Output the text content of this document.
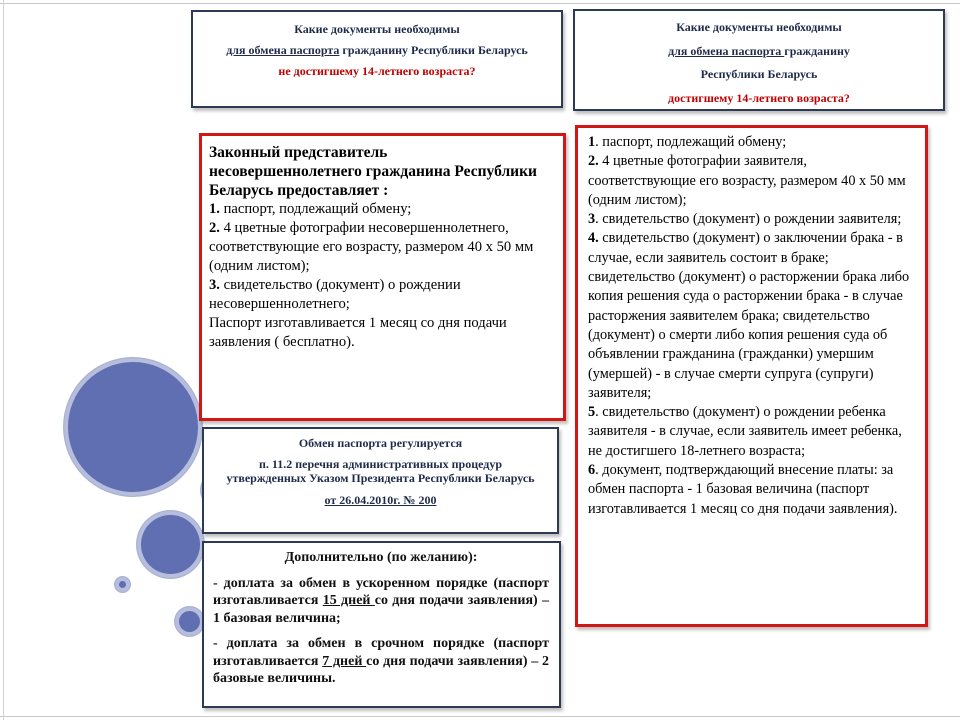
Какие документы необходимы
для обмена паспорта гражданину Республики Беларусь
не достигшему 14-летнего возраста?
Какие документы необходимы
для обмена паспорта гражданину
Республики Беларусь
достигшему 14-летнего возраста?
Законный представитель несовершеннолетнего гражданина Республики Беларусь предоставляет :
1. паспорт, подлежащий обмену;
2. 4 цветные фотографии несовершеннолетнего, соответствующие его возрасту, размером 40 х 50 мм (одним листом);
3. свидетельство (документ) о рождении несовершеннолетнего;
Паспорт изготавливается 1 месяц со дня подачи заявления ( бесплатно).
1. паспорт, подлежащий обмену;
2. 4 цветные фотографии заявителя, соответствующие его возрасту, размером 40 х 50 мм (одним листом);
3. свидетельство (документ) о рождении заявителя;
4. свидетельство (документ) о заключении брака - в случае, если заявитель состоит в браке; свидетельство (документ) о расторжении брака либо копия решения суда о расторжении брака - в случае расторжения заявителем брака; свидетельство (документ) о смерти либо копия решения суда об объявлении гражданина (гражданки) умершим (умершей) - в случае смерти супруга (супруги) заявителя;
5. свидетельство (документ) о рождении ребенка заявителя - в случае, если заявитель имеет ребенка, не достигшего 18-летнего возраста;
6. документ, подтверждающий внесение платы: за обмен паспорта - 1 базовая величина (паспорт изготавливается 1 месяц со дня подачи заявления).
Обмен паспорта регулируется
п. 11.2 перечня административных процедур утвержденных Указом Президента Республики Беларусь
от 26.04.2010г. № 200
Дополнительно (по желанию):
- доплата за обмен в ускоренном порядке (паспорт изготавливается 15 дней со дня подачи заявления) – 1 базовая величина;
- доплата за обмен в срочном порядке (паспорт изготавливается 7 дней со дня подачи заявления) – 2 базовые величины.
